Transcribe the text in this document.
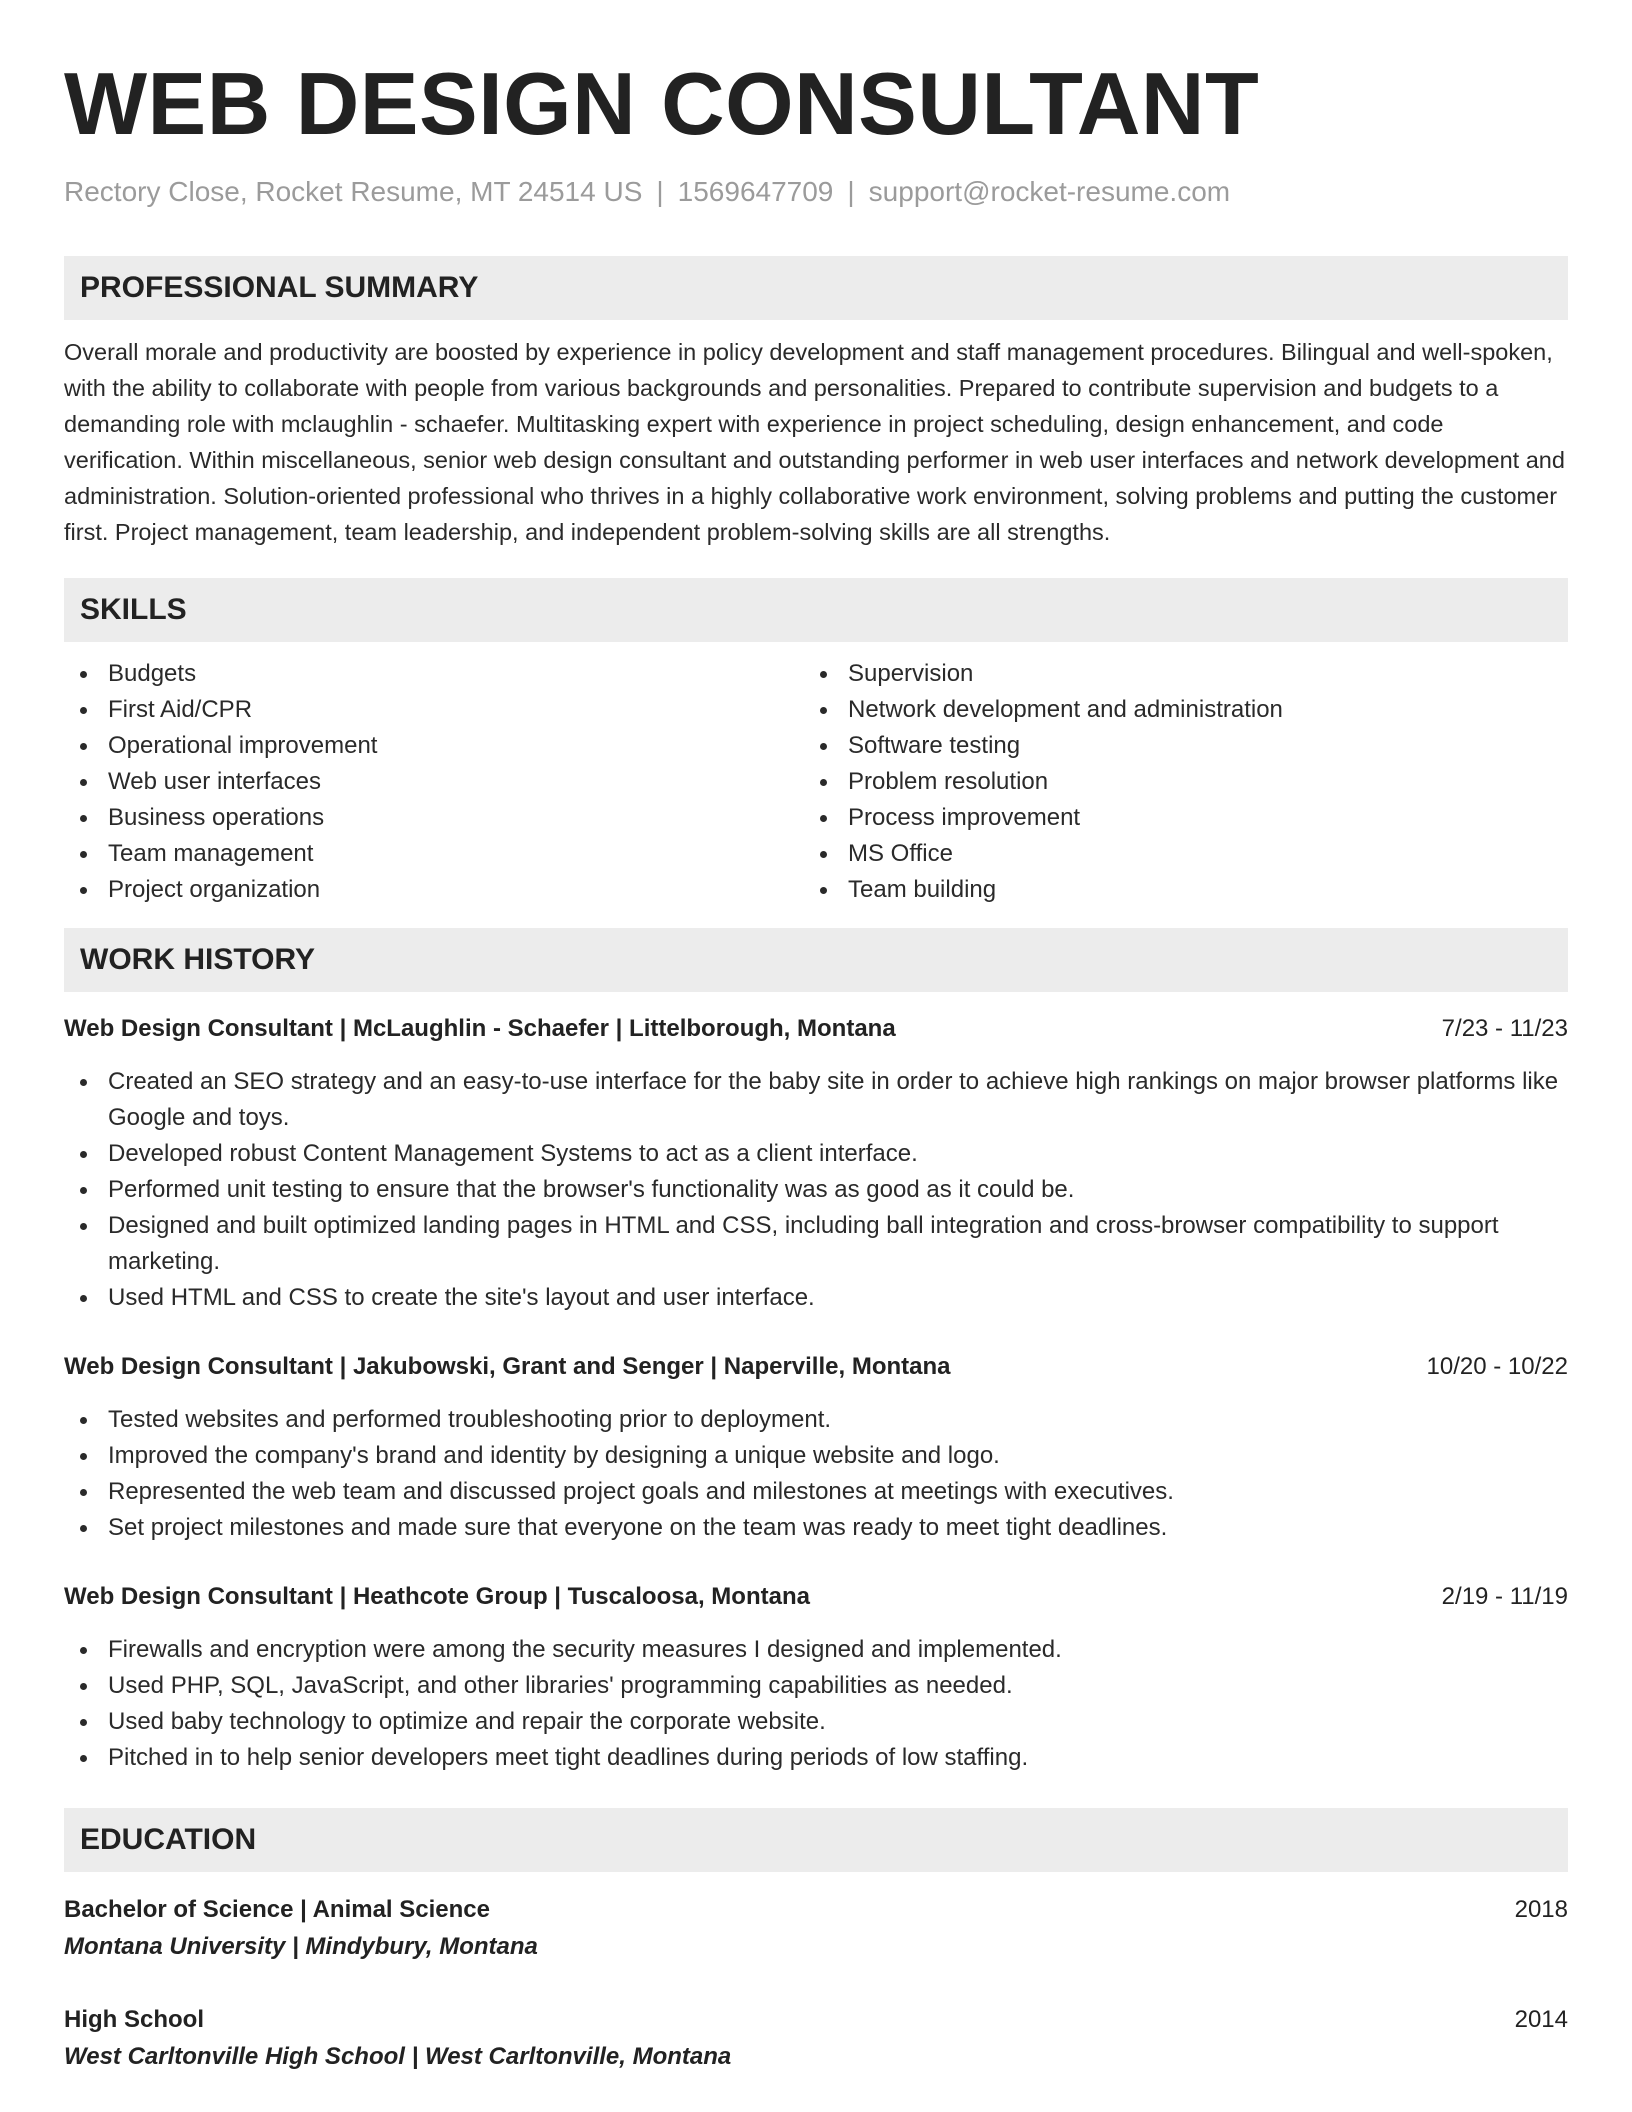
WEB DESIGN CONSULTANT
Rectory Close, Rocket Resume, MT 24514 US | 1569647709 | support@rocket-resume.com
PROFESSIONAL SUMMARY

Overall morale and productivity are boosted by experience in policy development and staff management procedures. Bilingual and well-spoken, with the ability to collaborate with people from various backgrounds and personalities. Prepared to contribute supervision and budgets to a demanding role with mclaughlin - schaefer. Multitasking expert with experience in project scheduling, design enhancement, and code verification. Within miscellaneous, senior web design consultant and outstanding performer in web user interfaces and network development and administration. Solution-oriented professional who thrives in a highly collaborative work environment, solving problems and putting the customer first. Project management, team leadership, and independent problem-solving skills are all strengths.

SKILLS
Budgets
First Aid/CPR
Operational improvement
Web user interfaces
Business operations
Team management
Project organization
Supervision
Network development and administration
Software testing
Problem resolution
Process improvement
MS Office
Team building
WORK HISTORY
Web Design Consultant | McLaughlin - Schaefer | Littelborough, Montana	7/23 - 11/23
Created an SEO strategy and an easy-to-use interface for the baby site in order to achieve high rankings on major browser platforms like Google and toys.
Developed robust Content Management Systems to act as a client interface.
Performed unit testing to ensure that the browser's functionality was as good as it could be.
Designed and built optimized landing pages in HTML and CSS, including ball integration and cross-browser compatibility to support marketing.
Used HTML and CSS to create the site's layout and user interface.
Web Design Consultant | Jakubowski, Grant and Senger | Naperville, Montana	10/20 - 10/22
Tested websites and performed troubleshooting prior to deployment.
Improved the company's brand and identity by designing a unique website and logo.
Represented the web team and discussed project goals and milestones at meetings with executives.
Set project milestones and made sure that everyone on the team was ready to meet tight deadlines.
Web Design Consultant | Heathcote Group | Tuscaloosa, Montana	2/19 - 11/19
Firewalls and encryption were among the security measures I designed and implemented.
Used PHP, SQL, JavaScript, and other libraries' programming capabilities as needed.
Used baby technology to optimize and repair the corporate website.
Pitched in to help senior developers meet tight deadlines during periods of low staffing.
EDUCATION
Bachelor of Science | Animal Science	2018
Montana University | Mindybury, Montana
High School	2014
West Carltonville High School | West Carltonville, Montana
